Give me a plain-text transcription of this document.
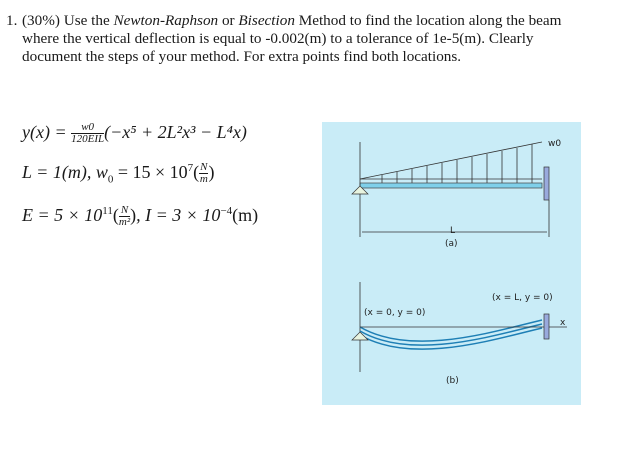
1. (30%) Use the Newton-Raphson or Bisection Method to find the location along the beam
where the vertical deflection is equal to -0.002(m) to a tolerance of 1e-5(m). Clearly
document the steps of your method. For extra points find both locations.
$y(x) = \frac{w0}{\text{120EIL}} (-x^5 + 2L^2x^3 - L^4x)$
L = 1(m), $w_0 = 15 \times 10^7( \frac{N}{m}$ )
$E = 5 \times 10^{11}( \frac{N}{\text{m²}}$ ), $I = 3 \times 10^{-4}(m)$
w0
L
(a)
(x = 0, y = 0)
(x = L, y = 0)
x
(b)
